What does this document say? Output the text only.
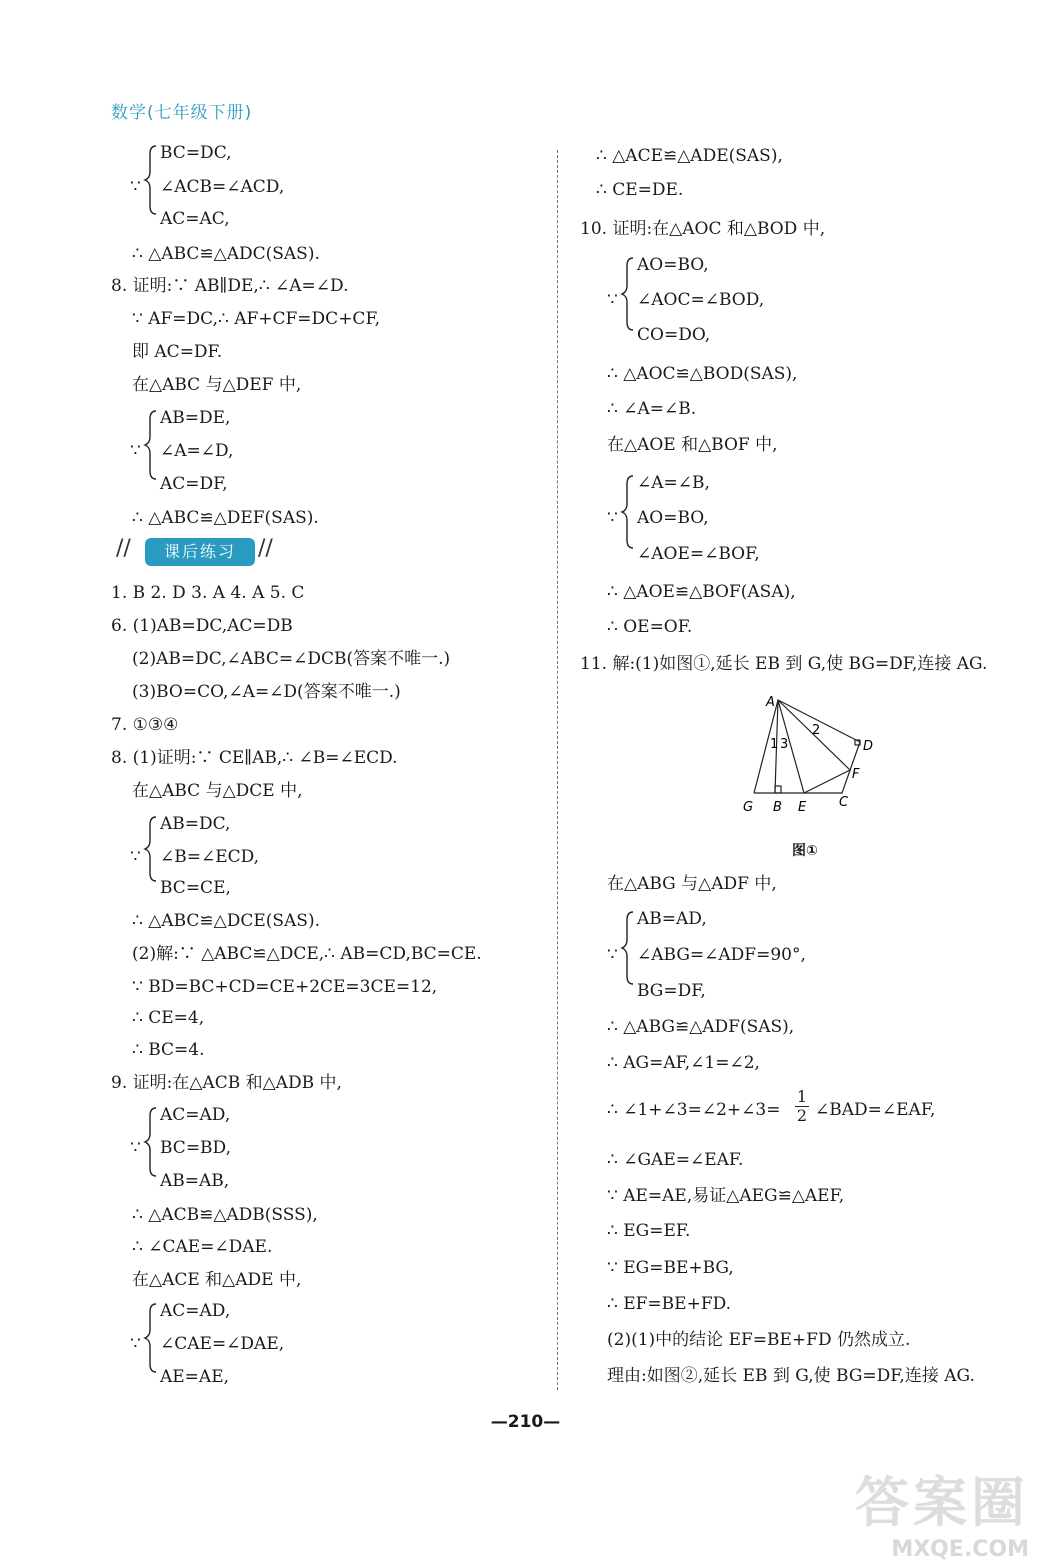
数学(七年级下册)
BC=DC,
∵ ∠ACB=∠ACD,
AC=AC,
∴ △ABC≌△ADC(SAS).
8. 证明:∵ AB∥DE,∴ ∠A=∠D.
∵ AF=DC,∴ AF+CF=DC+CF,
即 AC=DF.
在△ABC 与△DEF 中,
AB=DE,
∵ ∠A=∠D,
AC=DF,
∴ △ABC≌△DEF(SAS).
1. B 2. D 3. A 4. A 5. C
6. (1)AB=DC,AC=DB
(2)AB=DC,∠ABC=∠DCB(答案不唯一.)
(3)BO=CO,∠A=∠D(答案不唯一.)
7. ①③④
8. (1)证明:∵ CE∥AB,∴ ∠B=∠ECD.
在△ABC 与△DCE 中,
AB=DC,
∵ ∠B=∠ECD,
BC=CE,
∴ △ABC≌△DCE(SAS).
(2)解:∵ △ABC≌△DCE,∴ AB=CD,BC=CE.
∵ BD=BC+CD=CE+2CE=3CE=12,
∴ CE=4,
∴ BC=4.
9. 证明:在△ACB 和△ADB 中,
AC=AD,
∵ BC=BD,
AB=AB,
∴ △ACB≌△ADB(SSS),
∴ ∠CAE=∠DAE.
在△ACE 和△ADE 中,
AC=AD,
∵ ∠CAE=∠DAE,
AE=AE,
∴ △ACE≌△ADE(SAS),
∴ CE=DE.
10. 证明:在△AOC 和△BOD 中,
AO=BO,
∵ ∠AOC=∠BOD,
CO=DO,
∴ △AOC≌△BOD(SAS),
∴ ∠A=∠B.
在△AOE 和△BOF 中,
∠A=∠B,
∵ AO=BO,
∠AOE=∠BOF,
∴ △AOE≌△BOF(ASA),
∴ OE=OF.
11. 解:(1)如图①,延长 EB 到 G,使 BG=DF,连接 AG.
在△ABG 与△ADF 中,
AB=AD,
∵ ∠ABG=∠ADF=90°,
BG=DF,
∴ △ABG≌△ADF(SAS),
∴ AG=AF,∠1=∠2,
∴ ∠1+∠3=∠2+∠3= ∠BAD=∠EAF,
∴ ∠GAE=∠EAF.
∵ AE=AE,易证△AEG≌△AEF,
∴ EG=EF.
∵ EG=BE+BG,
∴ EF=BE+FD.
(2)(1)中的结论 EF=BE+FD 仍然成立.
理由:如图②,延长 EB 到 G,使 BG=DF,连接 AG.
//	课后练习	//
1
2
A
D
F
C
E
B
G
1 3
2
图①
—210—
答案圈
MXQE.COM
